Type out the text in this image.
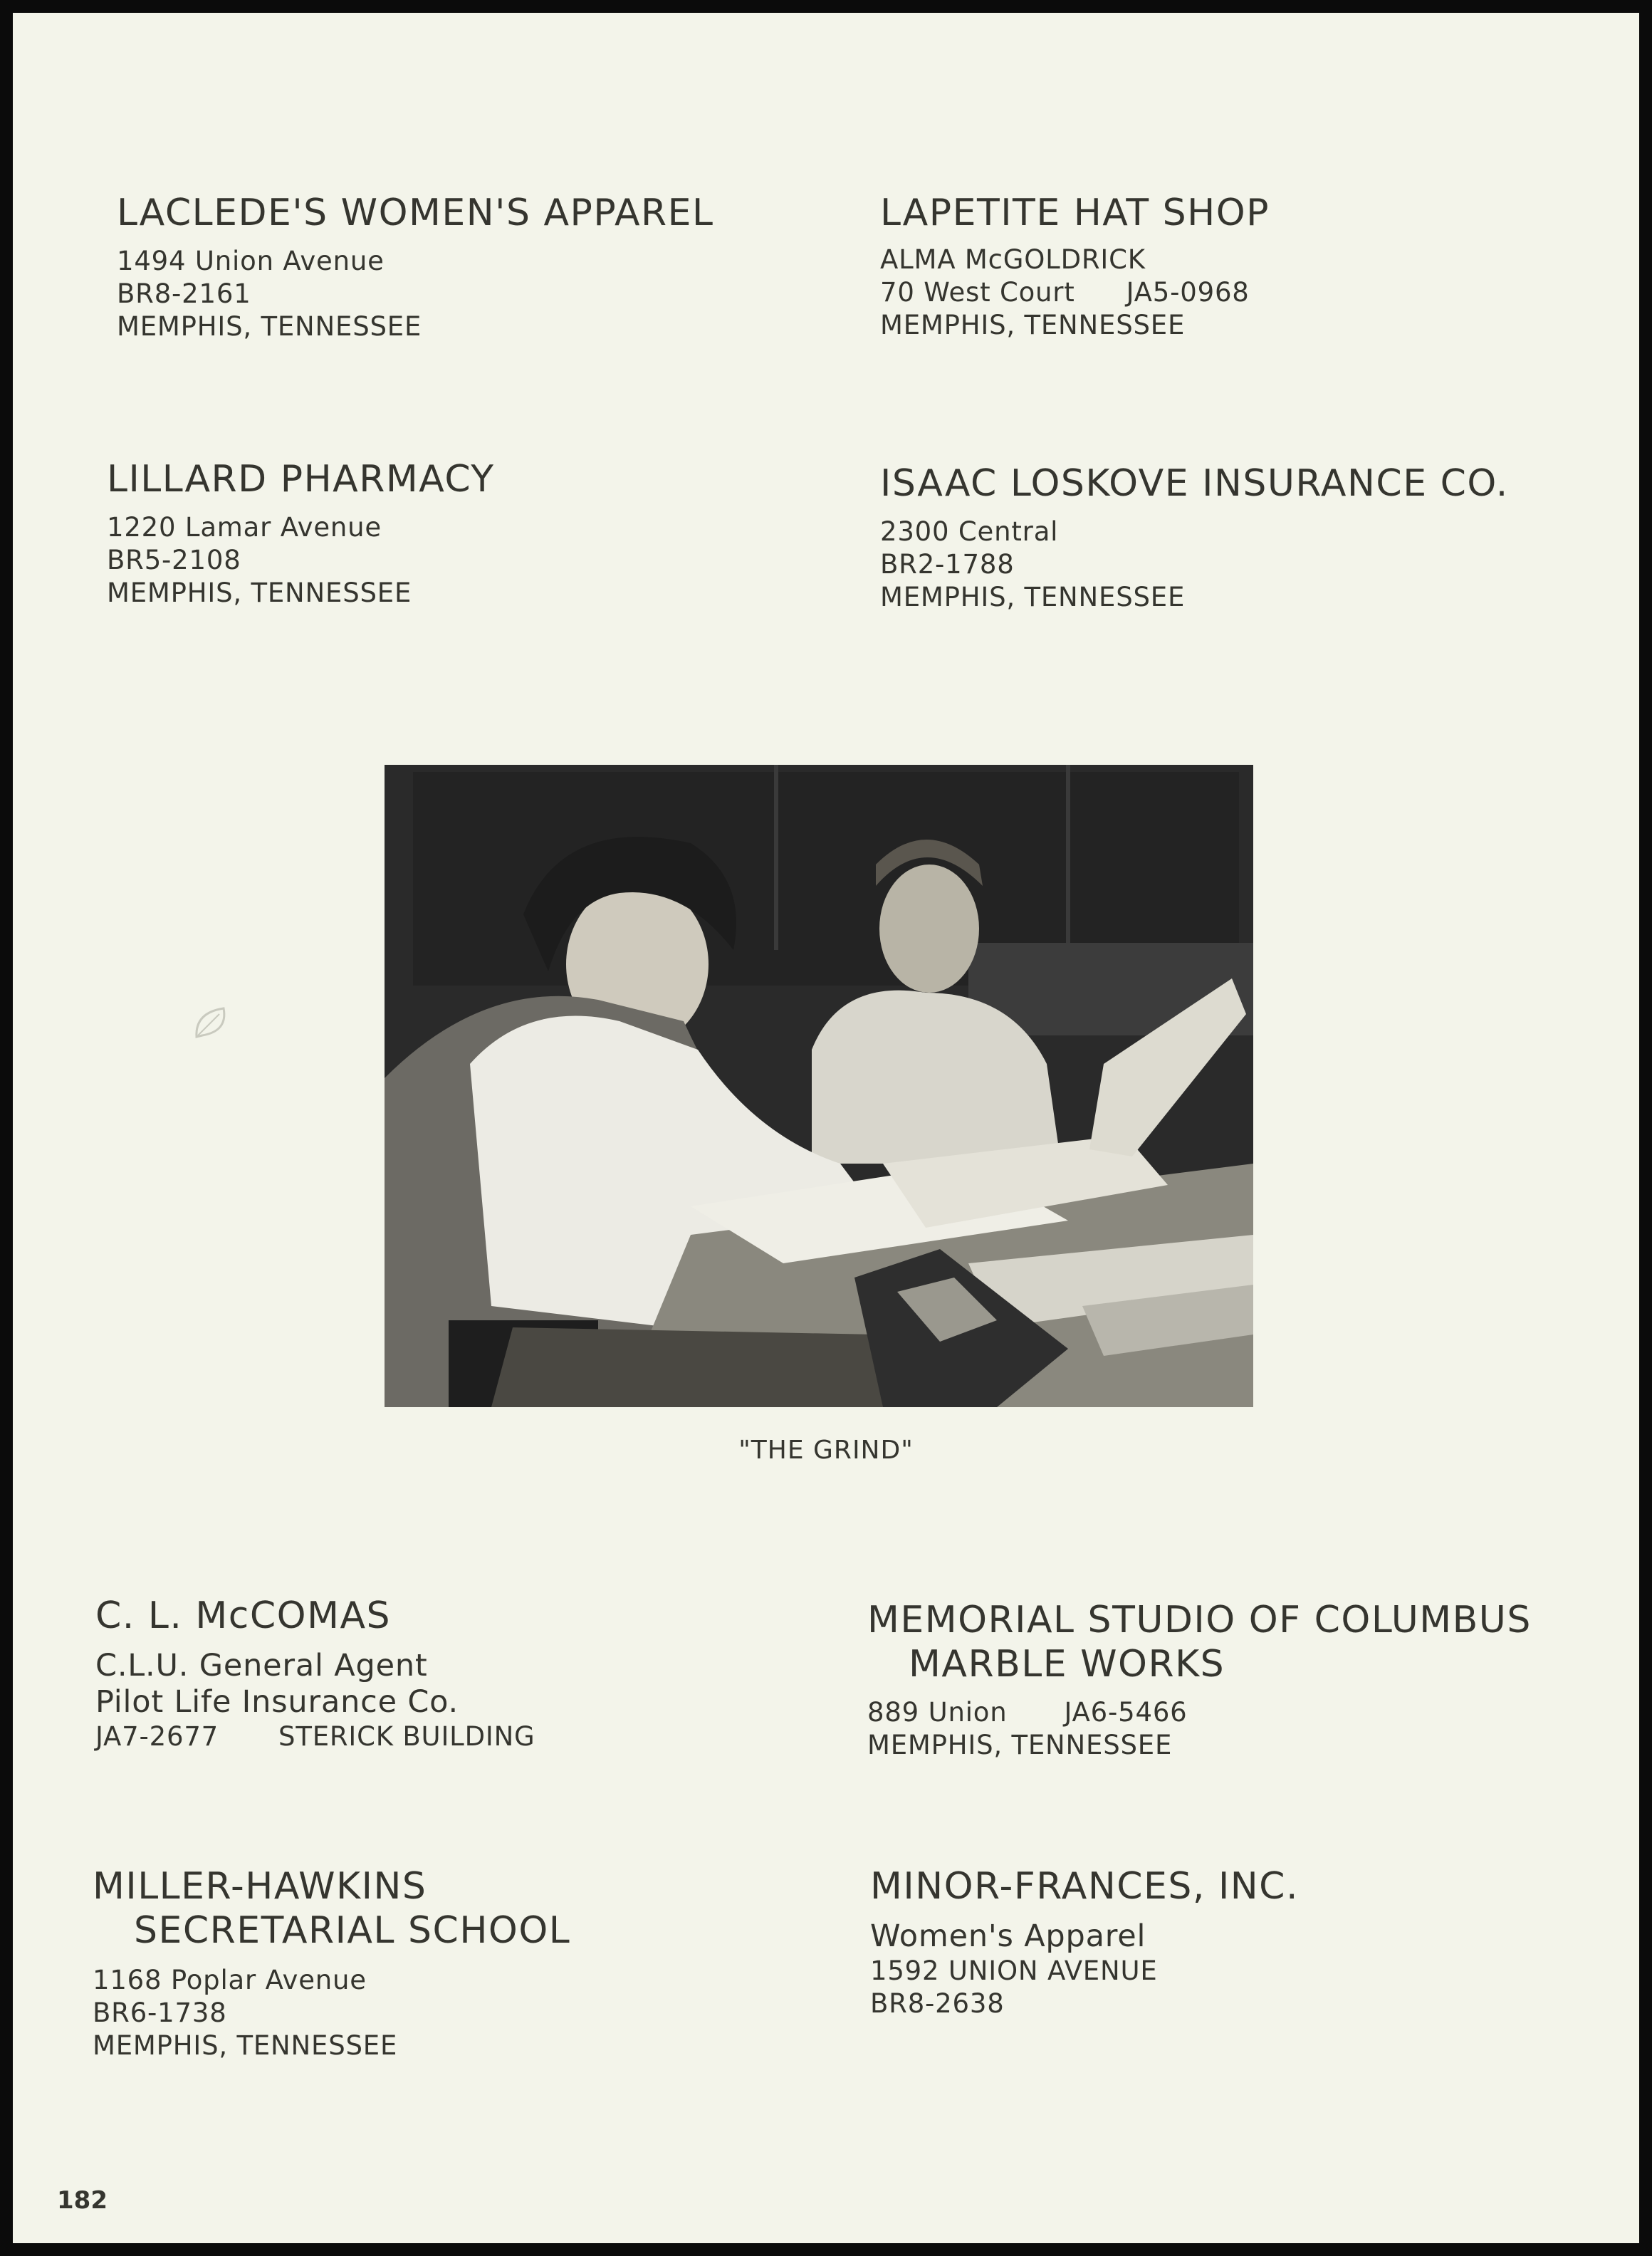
LACLEDE'S WOMEN'S APPAREL
1494 Union Avenue
BR8-2161
MEMPHIS, TENNESSEE
LAPETITE HAT SHOP
ALMA McGOLDRICK
70 West Court JA5-0968
MEMPHIS, TENNESSEE
LILLARD PHARMACY
1220 Lamar Avenue
BR5-2108
MEMPHIS, TENNESSEE
ISAAC LOSKOVE INSURANCE CO.
2300 Central
BR2-1788
MEMPHIS, TENNESSEE
"THE GRIND"
C. L. McCOMAS
C.L.U. General Agent
Pilot Life Insurance Co.
JA7-2677 STERICK BUILDING
MEMORIAL STUDIO OF COLUMBUS
MARBLE WORKS
889 Union JA6-5466
MEMPHIS, TENNESSEE
MILLER-HAWKINS
SECRETARIAL SCHOOL
1168 Poplar Avenue
BR6-1738
MEMPHIS, TENNESSEE
MINOR-FRANCES, INC.
Women's Apparel
1592 UNION AVENUE
BR8-2638
182
